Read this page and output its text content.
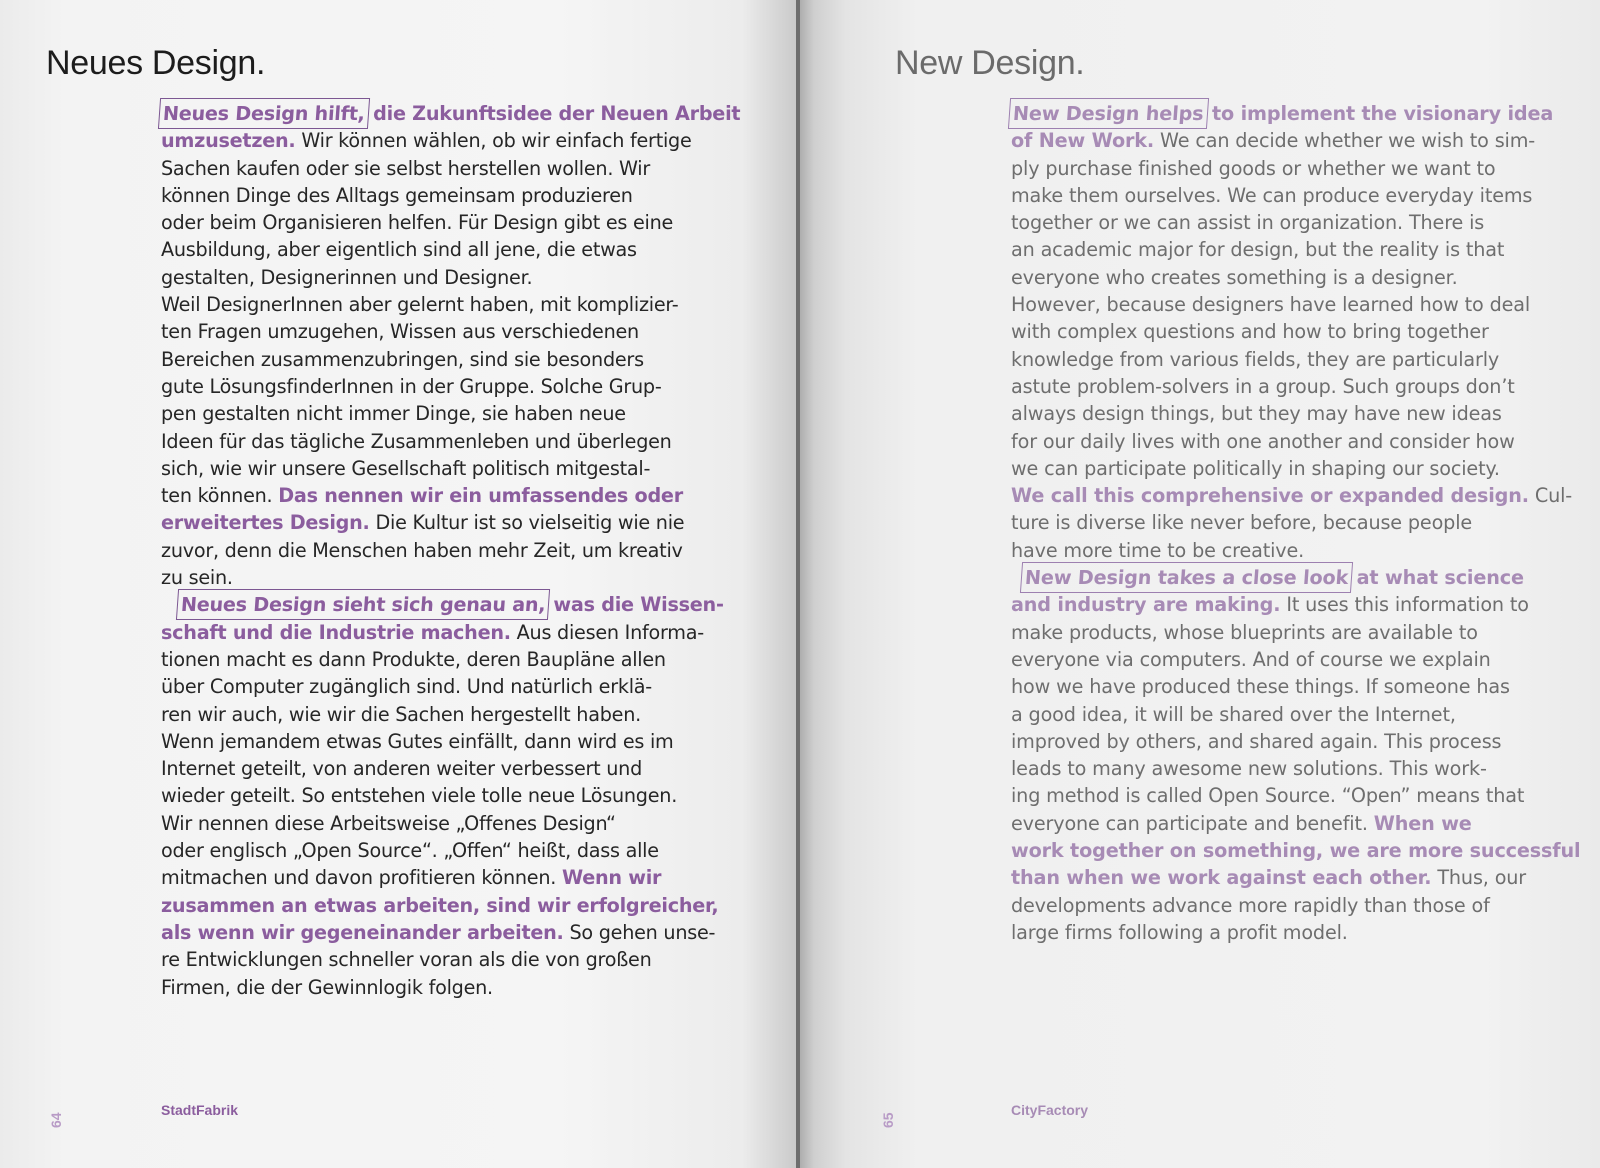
Neues Design.
Neues Design hilft, die Zukunftsidee der Neuen Arbeit
umzusetzen. Wir können wählen, ob wir einfach fertige
Sachen kaufen oder sie selbst herstellen wollen. Wir
können Dinge des Alltags gemeinsam produzieren
oder beim Organisieren helfen. Für Design gibt es eine
Ausbildung, aber eigentlich sind all jene, die etwas
gestalten, Designerinnen und Designer.
Weil DesignerInnen aber gelernt haben, mit komplizier-
ten Fragen umzugehen, Wissen aus verschiedenen
Bereichen zusammenzubringen, sind sie besonders
gute LösungsfinderInnen in der Gruppe. Solche Grup-
pen gestalten nicht immer Dinge, sie haben neue
Ideen für das tägliche Zusammenleben und überlegen
sich, wie wir unsere Gesellschaft politisch mitgestal-
ten können. Das nennen wir ein umfassendes oder
erweitertes Design. Die Kultur ist so vielseitig wie nie
zuvor, denn die Menschen haben mehr Zeit, um kreativ
zu sein.
Neues Design sieht sich genau an, was die Wissen-
schaft und die Industrie machen. Aus diesen Informa-
tionen macht es dann Produkte, deren Baupläne allen
über Computer zugänglich sind. Und natürlich erklä-
ren wir auch, wie wir die Sachen hergestellt haben.
Wenn jemandem etwas Gutes einfällt, dann wird es im
Internet geteilt, von anderen weiter verbessert und
wieder geteilt. So entstehen viele tolle neue Lösungen.
Wir nennen diese Arbeitsweise „Offenes Design“
oder englisch „Open Source“. „Offen“ heißt, dass alle
mitmachen und davon profitieren können. Wenn wir
zusammen an etwas arbeiten, sind wir erfolgreicher,
als wenn wir gegeneinander arbeiten. So gehen unse-
re Entwicklungen schneller voran als die von großen
Firmen, die der Gewinnlogik folgen.
64
StadtFabrik
New Design.
New Design helps to implement the visionary idea
of New Work. We can decide whether we wish to sim-
ply purchase finished goods or whether we want to
make them ourselves. We can produce everyday items
together or we can assist in organization. There is
an academic major for design, but the reality is that
everyone who creates something is a designer.
However, because designers have learned how to deal
with complex questions and how to bring together
knowledge from various fields, they are particularly
astute problem-solvers in a group. Such groups don’t
always design things, but they may have new ideas
for our daily lives with one another and consider how
we can participate politically in shaping our society.
We call this comprehensive or expanded design. Cul-
ture is diverse like never before, because people
have more time to be creative.
New Design takes a close look at what science
and industry are making. It uses this information to
make products, whose blueprints are available to
everyone via computers. And of course we explain
how we have produced these things. If someone has
a good idea, it will be shared over the Internet,
improved by others, and shared again. This process
leads to many awesome new solutions. This work-
ing method is called Open Source. “Open” means that
everyone can participate and benefit. When we
work together on something, we are more successful
than when we work against each other. Thus, our
developments advance more rapidly than those of
large firms following a profit model.
65
CityFactory
